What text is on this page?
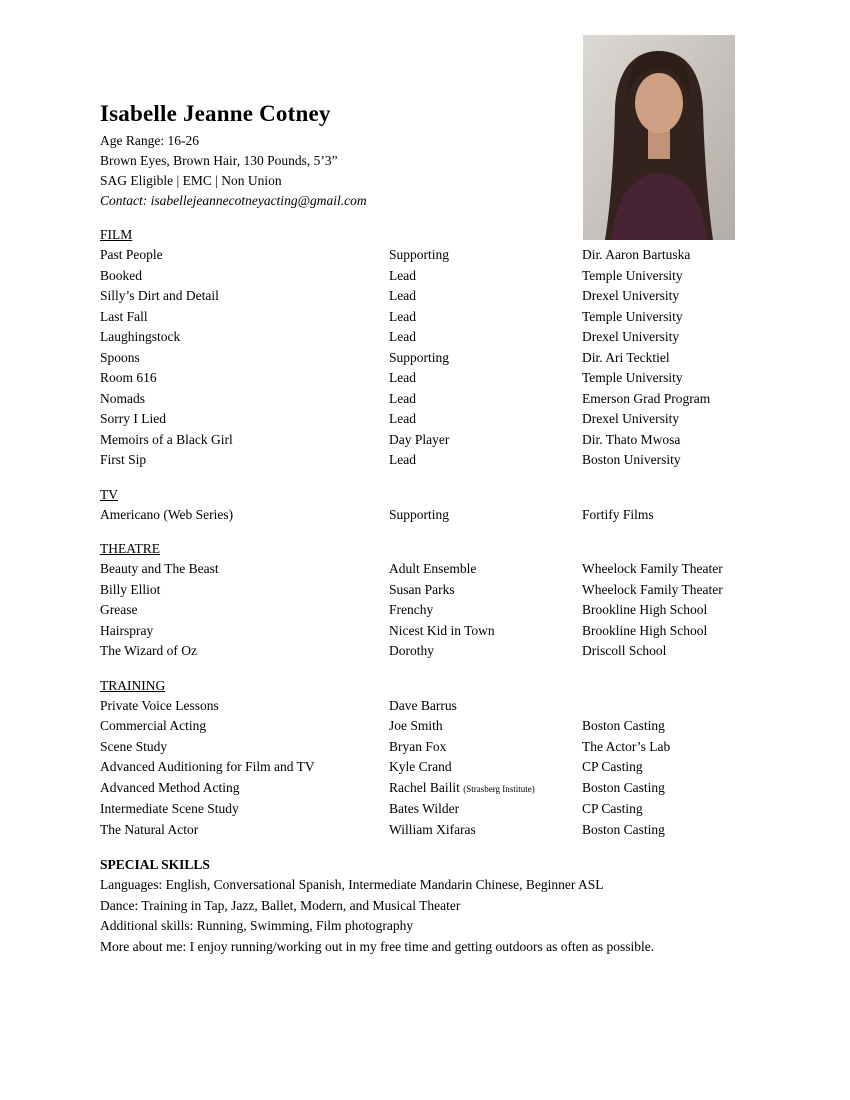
Isabelle Jeanne Cotney
Age Range: 16-26
Brown Eyes, Brown Hair, 130 Pounds, 5’3”
SAG Eligible | EMC | Non Union
Contact: isabellejeannecotneyacting@gmail.com
FILM
Past People	Supporting	Dir. Aaron Bartuska
Booked	Lead	Temple University
Silly’s Dirt and Detail	Lead	Drexel University
Last Fall	Lead	Temple University
Laughingstock	Lead	Drexel University
Spoons	Supporting	Dir. Ari Tecktiel
Room 616	Lead	Temple University
Nomads	Lead	Emerson Grad Program
Sorry I Lied	Lead	Drexel University
Memoirs of a Black Girl	Day Player	Dir. Thato Mwosa
First Sip	Lead	Boston University
TV
Americano (Web Series)	Supporting	Fortify Films
THEATRE
Beauty and The Beast	Adult Ensemble	Wheelock Family Theater
Billy Elliot	Susan Parks	Wheelock Family Theater
Grease	Frenchy	Brookline High School
Hairspray	Nicest Kid in Town	Brookline High School
The Wizard of Oz	Dorothy	Driscoll School
TRAINING
Private Voice Lessons	Dave Barrus
Commercial Acting	Joe Smith	Boston Casting
Scene Study	Bryan Fox	The Actor’s Lab
Advanced Auditioning for Film and TV	Kyle Crand	CP Casting
Advanced Method Acting	Rachel Bailit (Strasberg Institute)	Boston Casting
Intermediate Scene Study	Bates Wilder	CP Casting
The Natural Actor	William Xifaras	Boston Casting
SPECIAL SKILLS
Languages: English, Conversational Spanish, Intermediate Mandarin Chinese, Beginner ASL
Dance: Training in Tap, Jazz, Ballet, Modern, and Musical Theater
Additional skills: Running, Swimming, Film photography
More about me: I enjoy running/working out in my free time and getting outdoors as often as possible.
